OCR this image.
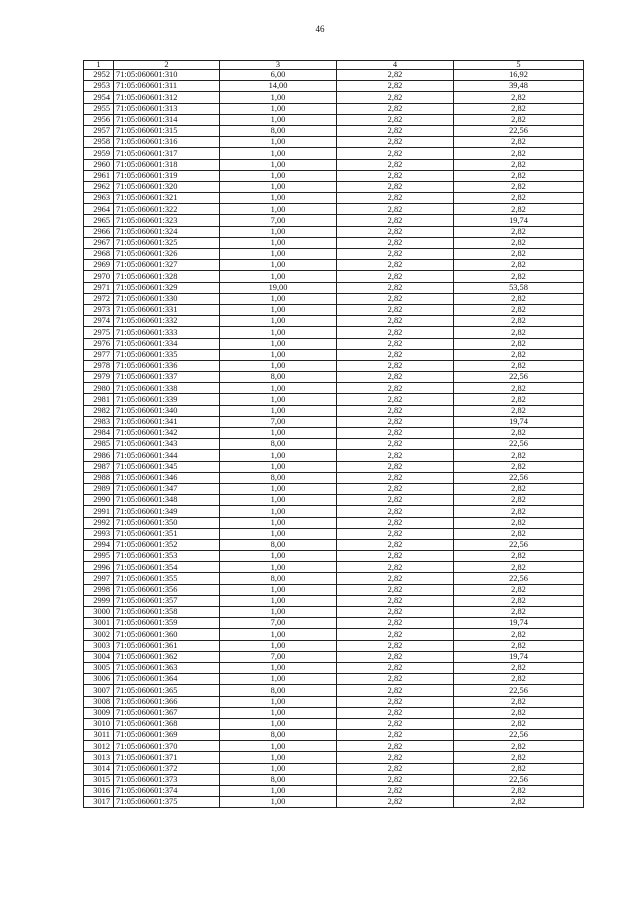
46
1	2	3	4	5
2952	71:05:060601:310	6,00	2,82	16,92
2953	71:05:060601:311	14,00	2,82	39,48
2954	71:05:060601:312	1,00	2,82	2,82
2955	71:05:060601:313	1,00	2,82	2,82
2956	71:05:060601:314	1,00	2,82	2,82
2957	71:05:060601:315	8,00	2,82	22,56
2958	71:05:060601:316	1,00	2,82	2,82
2959	71:05:060601:317	1,00	2,82	2,82
2960	71:05:060601:318	1,00	2,82	2,82
2961	71:05:060601:319	1,00	2,82	2,82
2962	71:05:060601:320	1,00	2,82	2,82
2963	71:05:060601:321	1,00	2,82	2,82
2964	71:05:060601:322	1,00	2,82	2,82
2965	71:05:060601:323	7,00	2,82	19,74
2966	71:05:060601:324	1,00	2,82	2,82
2967	71:05:060601:325	1,00	2,82	2,82
2968	71:05:060601:326	1,00	2,82	2,82
2969	71:05:060601:327	1,00	2,82	2,82
2970	71:05:060601:328	1,00	2,82	2,82
2971	71:05:060601:329	19,00	2,82	53,58
2972	71:05:060601:330	1,00	2,82	2,82
2973	71:05:060601:331	1,00	2,82	2,82
2974	71:05:060601:332	1,00	2,82	2,82
2975	71:05:060601:333	1,00	2,82	2,82
2976	71:05:060601:334	1,00	2,82	2,82
2977	71:05:060601:335	1,00	2,82	2,82
2978	71:05:060601:336	1,00	2,82	2,82
2979	71:05:060601:337	8,00	2,82	22,56
2980	71:05:060601:338	1,00	2,82	2,82
2981	71:05:060601:339	1,00	2,82	2,82
2982	71:05:060601:340	1,00	2,82	2,82
2983	71:05:060601:341	7,00	2,82	19,74
2984	71:05:060601:342	1,00	2,82	2,82
2985	71:05:060601:343	8,00	2,82	22,56
2986	71:05:060601:344	1,00	2,82	2,82
2987	71:05:060601:345	1,00	2,82	2,82
2988	71:05:060601:346	8,00	2,82	22,56
2989	71:05:060601:347	1,00	2,82	2,82
2990	71:05:060601:348	1,00	2,82	2,82
2991	71:05:060601:349	1,00	2,82	2,82
2992	71:05:060601:350	1,00	2,82	2,82
2993	71:05:060601:351	1,00	2,82	2,82
2994	71:05:060601:352	8,00	2,82	22,56
2995	71:05:060601:353	1,00	2,82	2,82
2996	71:05:060601:354	1,00	2,82	2,82
2997	71:05:060601:355	8,00	2,82	22,56
2998	71:05:060601:356	1,00	2,82	2,82
2999	71:05:060601:357	1,00	2,82	2,82
3000	71:05:060601:358	1,00	2,82	2,82
3001	71:05:060601:359	7,00	2,82	19,74
3002	71:05:060601:360	1,00	2,82	2,82
3003	71:05:060601:361	1,00	2,82	2,82
3004	71:05:060601:362	7,00	2,82	19,74
3005	71:05:060601:363	1,00	2,82	2,82
3006	71:05:060601:364	1,00	2,82	2,82
3007	71:05:060601:365	8,00	2,82	22,56
3008	71:05:060601:366	1,00	2,82	2,82
3009	71:05:060601:367	1,00	2,82	2,82
3010	71:05:060601:368	1,00	2,82	2,82
3011	71:05:060601:369	8,00	2,82	22,56
3012	71:05:060601:370	1,00	2,82	2,82
3013	71:05:060601:371	1,00	2,82	2,82
3014	71:05:060601:372	1,00	2,82	2,82
3015	71:05:060601:373	8,00	2,82	22,56
3016	71:05:060601:374	1,00	2,82	2,82
3017	71:05:060601:375	1,00	2,82	2,82
